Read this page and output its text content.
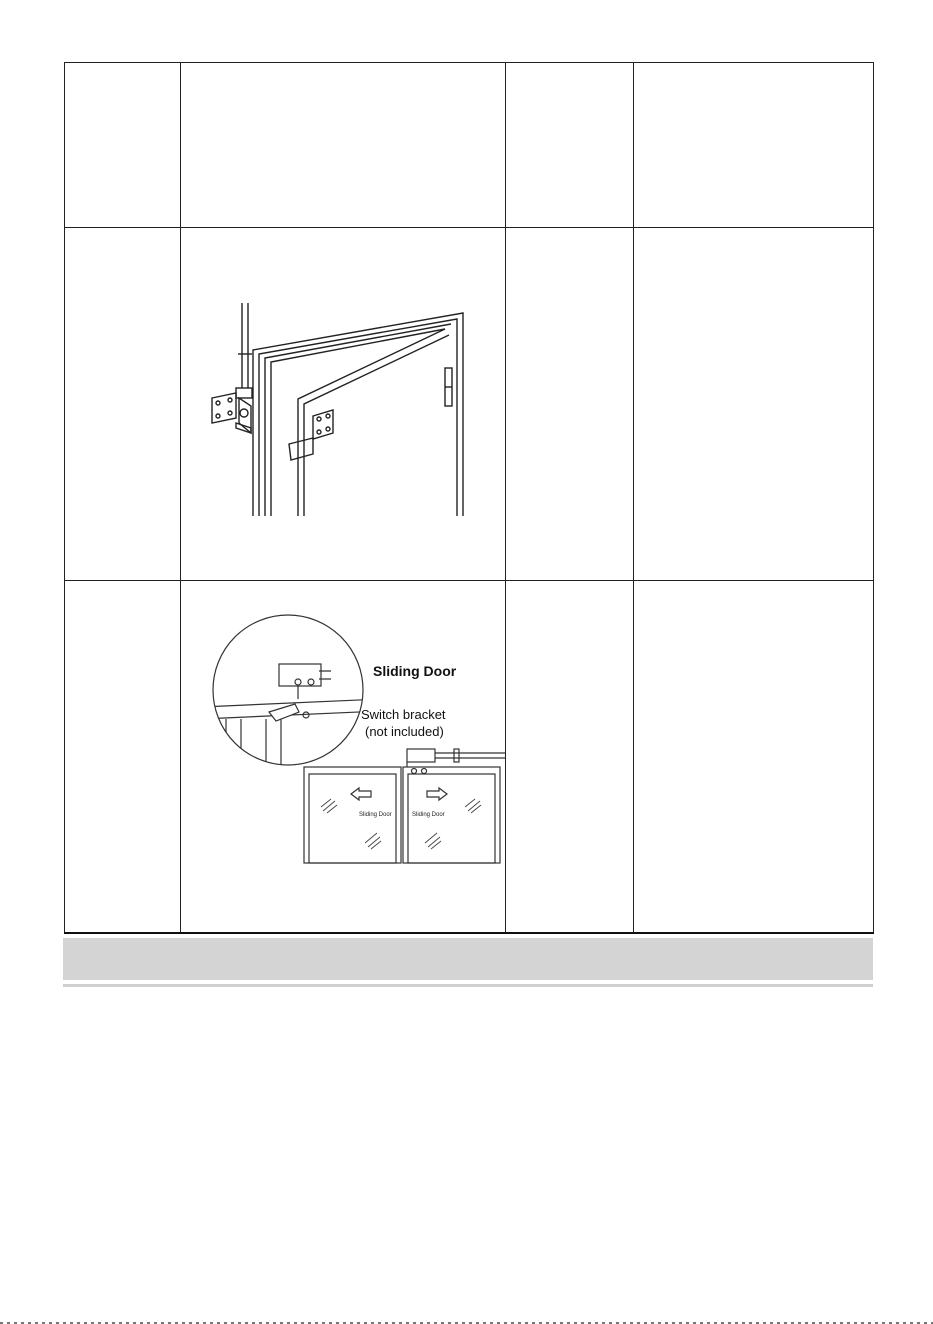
Sliding Door
Switch bracket
(not included)
Sliding Door Sliding Door		
